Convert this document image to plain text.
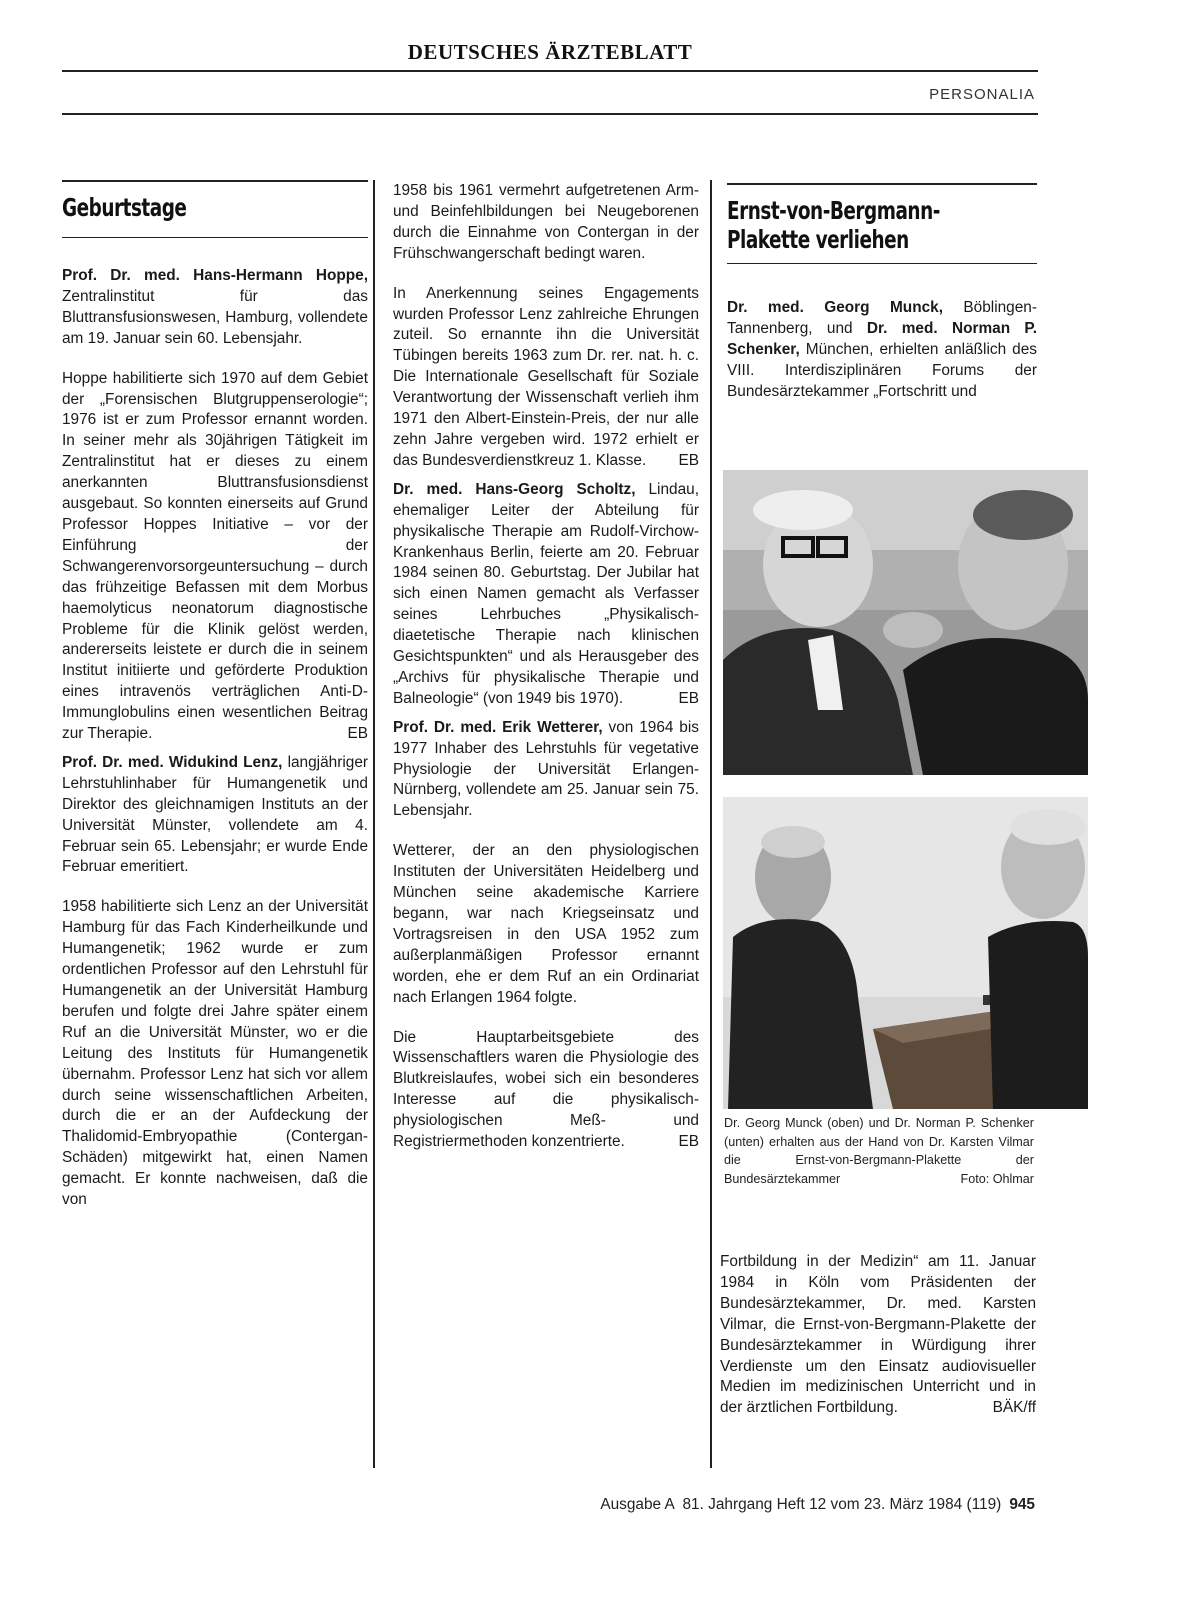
DEUTSCHES ÄRZTEBLATT
PERSONALIA
Geburtstage

Prof. Dr. med. Hans-Hermann Hoppe, Zentralinstitut für das Bluttransfusionswesen, Hamburg, vollendete am 19. Januar sein 60. Lebensjahr.

Hoppe habilitierte sich 1970 auf dem Gebiet der „Forensischen Blutgruppenserologie“; 1976 ist er zum Professor ernannt worden. In seiner mehr als 30jährigen Tätigkeit im Zentralinstitut hat er dieses zu einem anerkannten Bluttransfusionsdienst ausgebaut. So konnten einerseits auf Grund Professor Hoppes Initiative – vor der Einführung der Schwangerenvorsorgeuntersuchung – durch das frühzeitige Befassen mit dem Morbus haemolyticus neonatorum diagnostische Probleme für die Klinik gelöst werden, andererseits leistete er durch die in seinem Institut initiierte und geförderte Produktion eines intravenös verträglichen Anti-D-Immunglobulins einen wesentlichen Beitrag zur Therapie.	EB

Prof. Dr. med. Widukind Lenz, langjähriger Lehrstuhlinhaber für Humangenetik und Direktor des gleichnamigen Instituts an der Universität Münster, vollendete am 4. Februar sein 65. Lebensjahr; er wurde Ende Februar emeritiert.

1958 habilitierte sich Lenz an der Universität Hamburg für das Fach Kinderheilkunde und Humangenetik; 1962 wurde er zum ordentlichen Professor auf den Lehrstuhl für Humangenetik an der Universität Hamburg berufen und folgte drei Jahre später einem Ruf an die Universität Münster, wo er die Leitung des Instituts für Humangenetik übernahm. Professor Lenz hat sich vor allem durch seine wissenschaftlichen Arbeiten, durch die er an der Aufdeckung der Thalidomid-Embryopathie (Contergan-Schäden) mitgewirkt hat, einen Namen gemacht. Er konnte nachweisen, daß die von

1958 bis 1961 vermehrt aufgetretenen Arm- und Beinfehlbildungen bei Neugeborenen durch die Einnahme von Contergan in der Frühschwangerschaft bedingt waren.

In Anerkennung seines Engagements wurden Professor Lenz zahlreiche Ehrungen zuteil. So ernannte ihn die Universität Tübingen bereits 1963 zum Dr. rer. nat. h. c. Die Internationale Gesellschaft für Soziale Verantwortung der Wissenschaft verlieh ihm 1971 den Albert-Einstein-Preis, der nur alle zehn Jahre vergeben wird. 1972 erhielt er das Bundesverdienstkreuz 1. Klasse. EB

Dr. med. Hans-Georg Scholtz, Lindau, ehemaliger Leiter der Abteilung für physikalische Therapie am Rudolf-Virchow-Krankenhaus Berlin, feierte am 20. Februar 1984 seinen 80. Geburtstag. Der Jubilar hat sich einen Namen gemacht als Verfasser seines Lehrbuches „Physikalisch-diaetetische Therapie nach klinischen Gesichtspunkten“ und als Herausgeber des „Archivs für physikalische Therapie und Balneologie“ (von 1949 bis 1970).	EB

Prof. Dr. med. Erik Wetterer, von 1964 bis 1977 Inhaber des Lehrstuhls für vegetative Physiologie der Universität Erlangen-Nürnberg, vollendete am 25. Januar sein 75. Lebensjahr.

Wetterer, der an den physiologischen Instituten der Universitäten Heidelberg und München seine akademische Karriere begann, war nach Kriegseinsatz und Vortragsreisen in den USA 1952 zum außerplanmäßigen Professor ernannt worden, ehe er dem Ruf an ein Ordinariat nach Erlangen 1964 folgte.

Die Hauptarbeitsgebiete des Wissenschaftlers waren die Physiologie des Blutkreislaufes, wobei sich ein besonderes Interesse auf die physikalisch-physiologischen Meß- und Registriermethoden konzentrierte.	EB

Ernst-von-Bergmann-
Plakette verliehen

Dr. med. Georg Munck, Böblingen-Tannenberg, und Dr. med. Norman P. Schenker, München, erhielten anläßlich des VIII. Interdisziplinären Forums der Bundesärztekammer „Fortschritt und

Dr. Georg Munck (oben) und Dr. Norman P. Schenker (unten) erhalten aus der Hand von Dr. Karsten Vilmar die Ernst-von-Bergmann-Plakette der Bundesärztekammer	Foto: Ohlmar

Fortbildung in der Medizin“ am 11. Januar 1984 in Köln vom Präsidenten der Bundesärztekammer, Dr. med. Karsten Vilmar, die Ernst-von-Bergmann-Plakette der Bundesärztekammer in Würdigung ihrer Verdienste um den Einsatz audiovisueller Medien im medizinischen Unterricht und in der ärztlichen Fortbildung.	BÄK/ff

Ausgabe A  81. Jahrgang Heft 12 vom 23. März 1984 (119) 945
